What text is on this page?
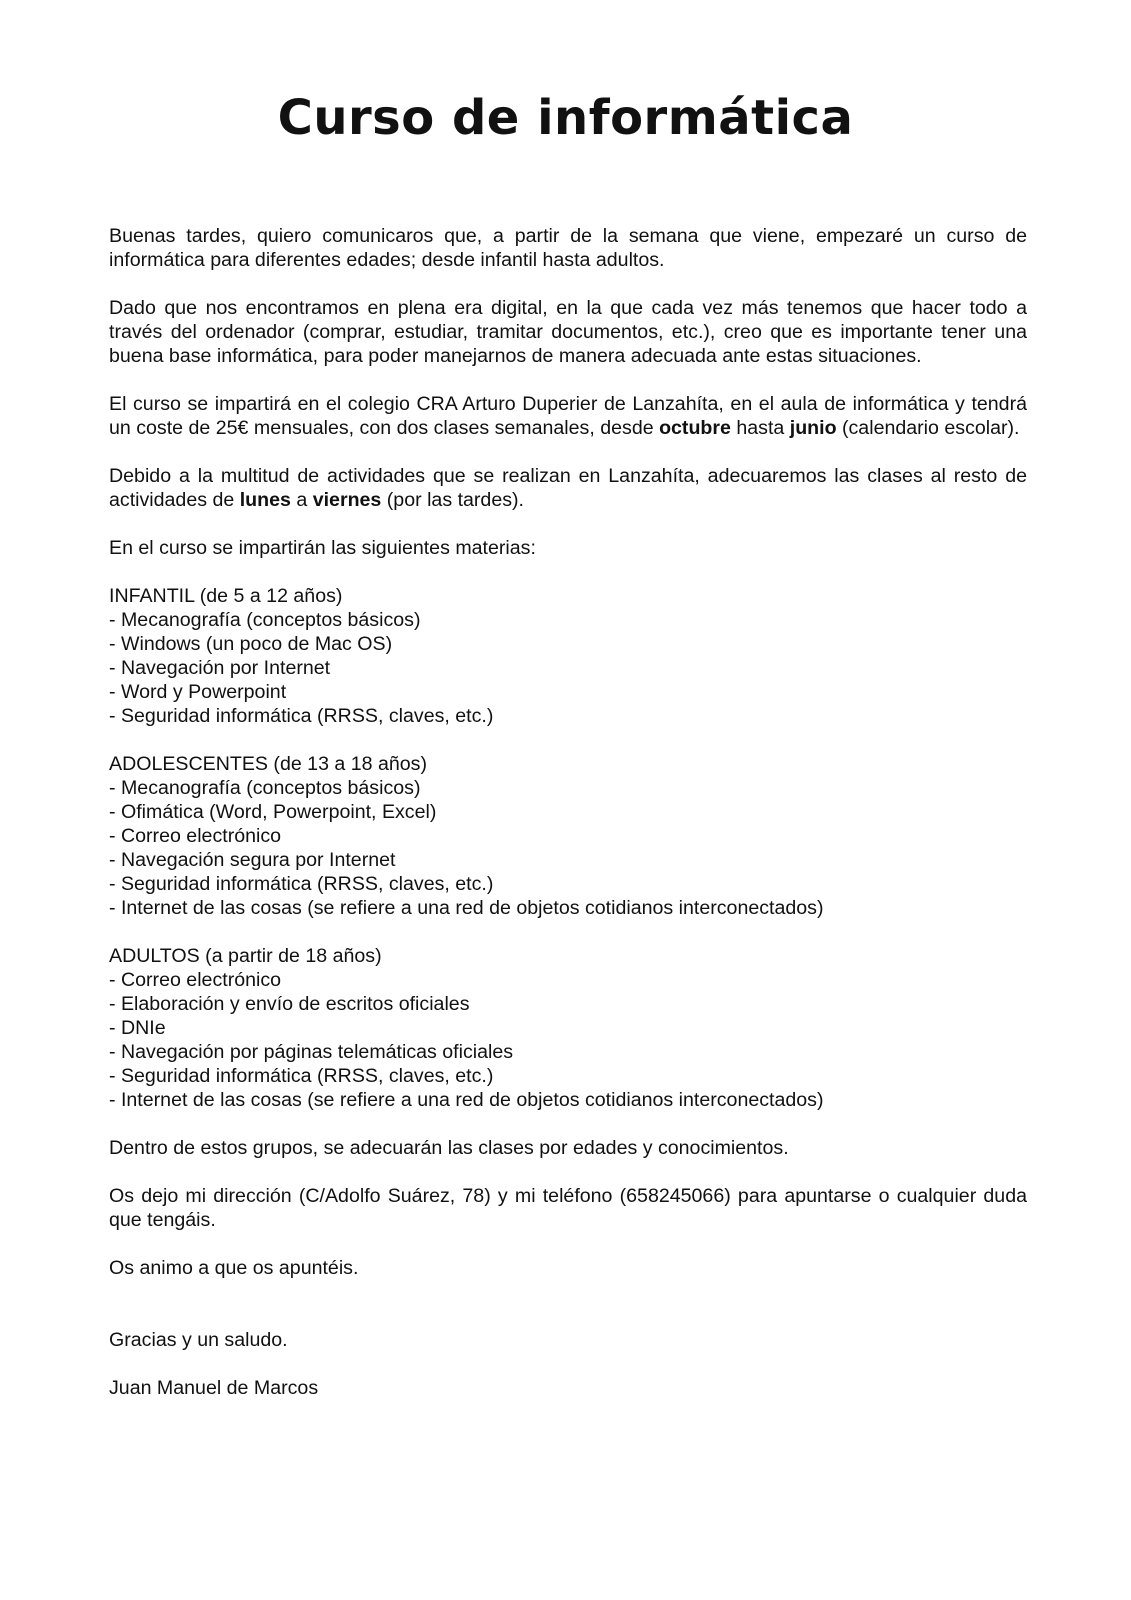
Curso de informática

Buenas tardes, quiero comunicaros que, a partir de la semana que viene, empezaré un curso de informática para diferentes edades; desde infantil hasta adultos.

Dado que nos encontramos en plena era digital, en la que cada vez más tenemos que hacer todo a través del ordenador (comprar, estudiar, tramitar documentos, etc.), creo que es importante tener una buena base informática, para poder manejarnos de manera adecuada ante estas situaciones.

El curso se impartirá en el colegio CRA Arturo Duperier de Lanzahíta, en el aula de informática y tendrá un coste de 25€ mensuales, con dos clases semanales, desde octubre hasta junio (calendario escolar).

Debido a la multitud de actividades que se realizan en Lanzahíta, adecuaremos las clases al resto de actividades de lunes a viernes (por las tardes).

En el curso se impartirán las siguientes materias:

INFANTIL (de 5 a 12 años)
- Mecanografía (conceptos básicos)
- Windows (un poco de Mac OS)
- Navegación por Internet
- Word y Powerpoint
- Seguridad informática (RRSS, claves, etc.)
ADOLESCENTES (de 13 a 18 años)
- Mecanografía (conceptos básicos)
- Ofimática (Word, Powerpoint, Excel)
- Correo electrónico
- Navegación segura por Internet
- Seguridad informática (RRSS, claves, etc.)
- Internet de las cosas (se refiere a una red de objetos cotidianos interconectados)
ADULTOS (a partir de 18 años)
- Correo electrónico
- Elaboración y envío de escritos oficiales
- DNIe
- Navegación por páginas telemáticas oficiales
- Seguridad informática (RRSS, claves, etc.)
- Internet de las cosas (se refiere a una red de objetos cotidianos interconectados)

Dentro de estos grupos, se adecuarán las clases por edades y conocimientos.

Os dejo mi dirección (C/Adolfo Suárez, 78) y mi teléfono (658245066) para apuntarse o cualquier duda que tengáis.

Os animo a que os apuntéis.

Gracias y un saludo.

Juan Manuel de Marcos
